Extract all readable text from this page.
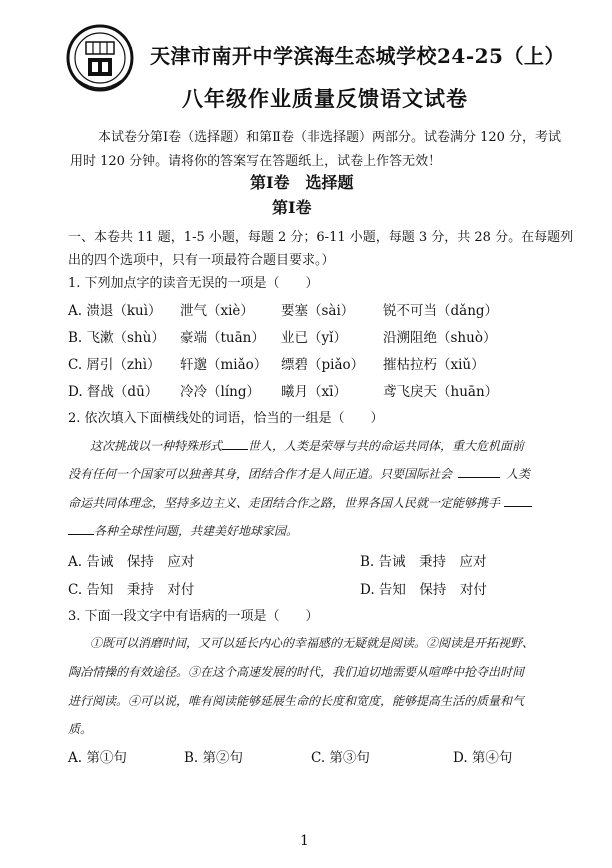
天津市南开中学滨海生态城学校24-25（上）
八年级作业质量反馈语文试卷
本试卷分第Ⅰ卷（选择题）和第Ⅱ卷（非选择题）两部分。试卷满分 120 分，考试
用时 120 分钟。请将你的答案写在答题纸上，试卷上作答无效！
第Ⅰ卷　选择题
第Ⅰ卷
一、本卷共 11 题，1-5 小题，每题 2 分；6-11 小题，每题 3 分，共 28 分。在每题列
出的四个选项中，只有一项最符合题目要求。）
1. 下列加点字的读音无误的一项是（　　）
A. 溃退（kuì） 泄气（xiè） 要塞（sài） 锐不可当（dǎng）
B. 飞漱（shù） 豪端（tuān） 业已（yǐ）	沿溯阻绝（shuò）
C. 屑引（zhì） 轩邈（miǎo） 缥碧（piǎo） 摧枯拉朽（xiǔ）
D. 督战（dū） 冷冷（líng） 曦月（xī）	鸢飞戾天（huān）
2. 依次填入下面横线处的词语，恰当的一组是（　　）
这次挑战以一种特殊形式 世人，人类是荣辱与共的命运共同体，重大危机面前
没有任何一个国家可以独善其身，团结合作才是人间正道。只要国际社会	人类
命运共同体理念，坚持多边主义、走团结合作之路，世界各国人民就一定能够携手
各种全球性问题，共建美好地球家园。
A. 告诫　保持　应对	B. 告诫　秉持　应对
C. 告知　秉持　对付	D. 告知　保持　对付
3. 下面一段文字中有语病的一项是（　　）
①既可以消磨时间，又可以延长内心的幸福感的无疑就是阅读。②阅读是开拓视野、
陶冶情操的有效途径。③在这个高速发展的时代，我们迫切地需要从喧哗中抢夺出时间
进行阅读。④可以说，唯有阅读能够延展生命的长度和宽度，能够提高生活的质量和气
质。
A. 第①句	B. 第②句	C. 第③句	D. 第④句
1
